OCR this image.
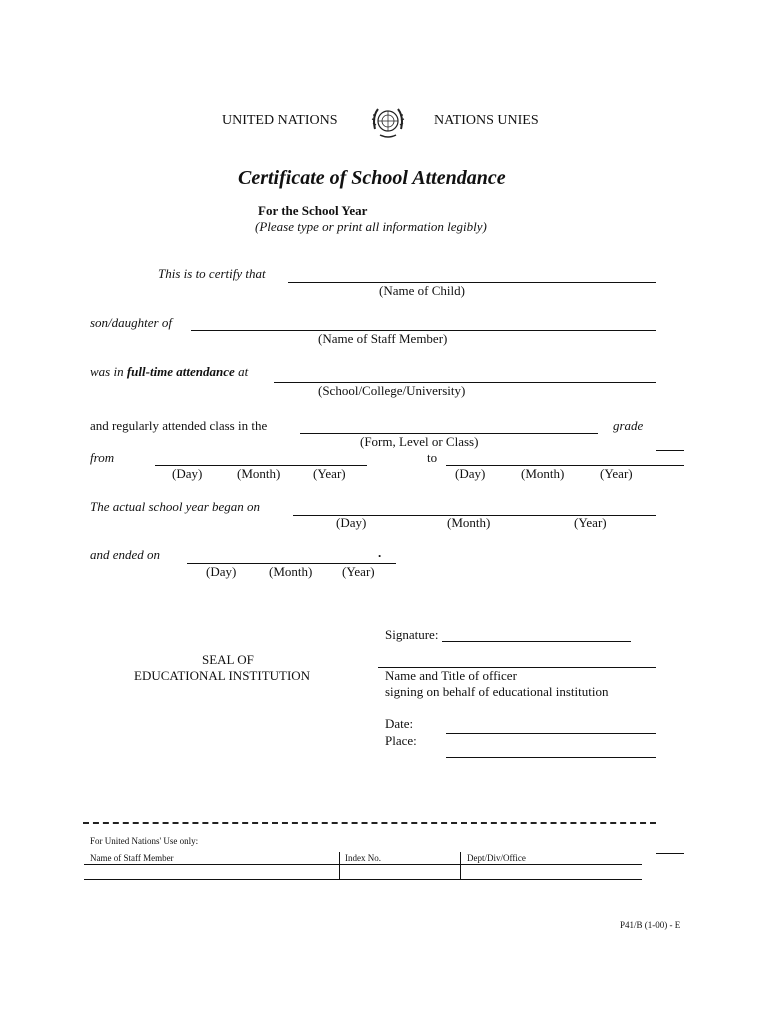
UNITED NATIONS	NATIONS UNIES
Certificate of School Attendance
For the School Year
(Please type or print all information legibly)
This is to certify that
(Name of Child)
son/daughter of
(Name of Staff Member)
was in full-time attendance at
(School/College/University)
and regularly attended class in the	grade
(Form, Level or Class)
from	to
(Day)	(Month)	(Year)	(Day)	(Month)	(Year)
The actual school year began on
(Day)	(Month)	(Year)
and ended on	.
(Day)	(Month) (Year)
SEAL OF
EDUCATIONAL INSTITUTION
Signature:
Name and Title of officer
signing on behalf of educational institution
Date:
Place:
For United Nations' Use only:
Name of Staff Member	Index No.	Dept/Div/Office
P41/B (1-00) - E
